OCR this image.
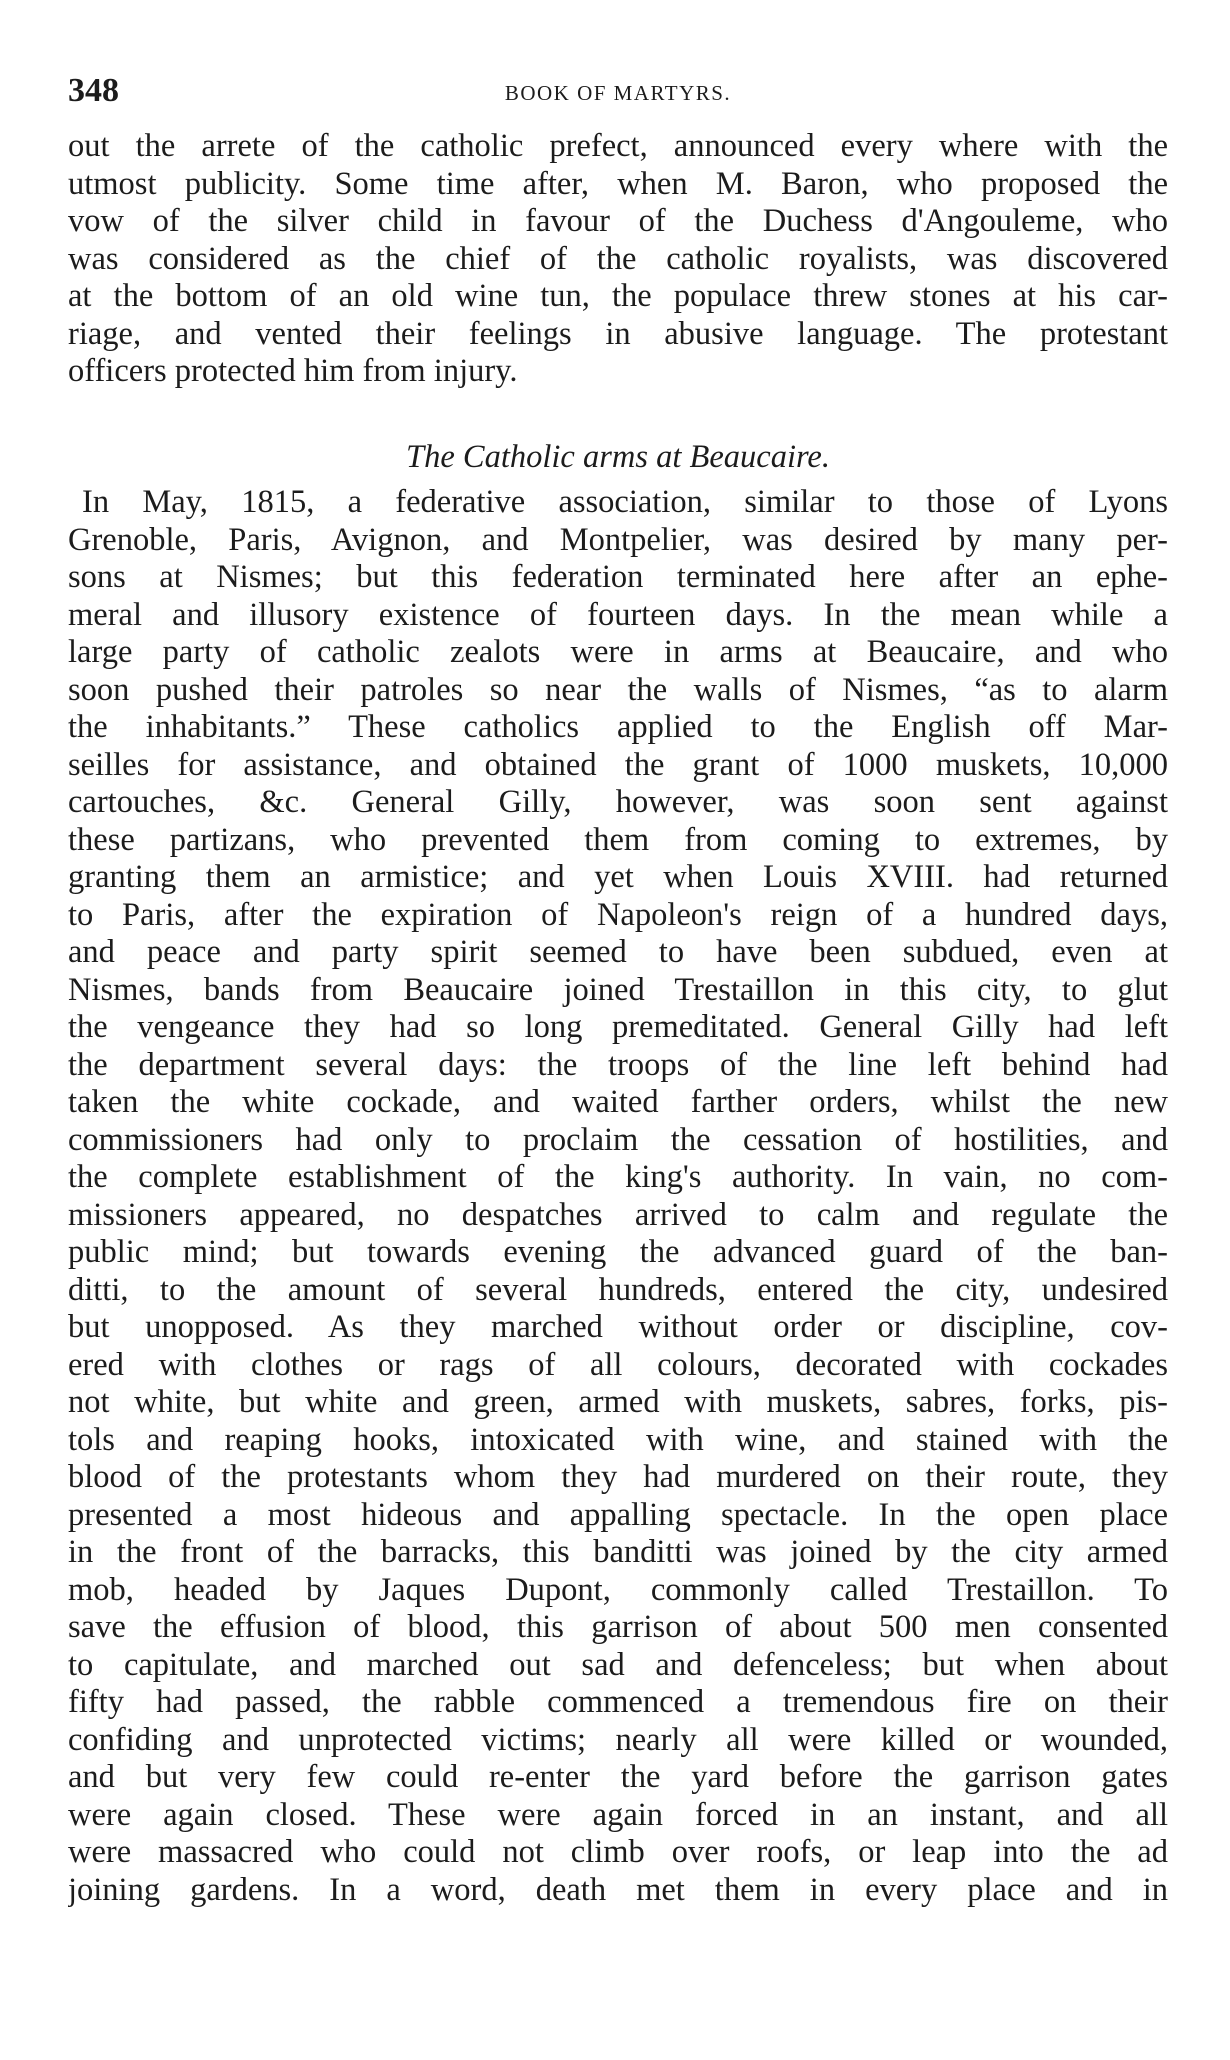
348	BOOK OF MARTYRS.
out the arrete of the catholic prefect, announced every where with the
utmost publicity. Some time after, when M. Baron, who proposed the
vow of the silver child in favour of the Duchess d'Angouleme, who
was considered as the chief of the catholic royalists, was discovered
at the bottom of an old wine tun, the populace threw stones at his car-
riage, and vented their feelings in abusive language. The protestant
officers protected him from injury.
The Catholic arms at Beaucaire.
In May, 1815, a federative association, similar to those of Lyons
Grenoble, Paris, Avignon, and Montpelier, was desired by many per-
sons at Nismes; but this federation terminated here after an ephe-
meral and illusory existence of fourteen days. In the mean while a
large party of catholic zealots were in arms at Beaucaire, and who
soon pushed their patroles so near the walls of Nismes, “as to alarm
the inhabitants.” These catholics applied to the English off Mar-
seilles for assistance, and obtained the grant of 1000 muskets, 10,000
cartouches, &c. General Gilly, however, was soon sent against
these partizans, who prevented them from coming to extremes, by
granting them an armistice; and yet when Louis XVIII. had returned
to Paris, after the expiration of Napoleon's reign of a hundred days,
and peace and party spirit seemed to have been subdued, even at
Nismes, bands from Beaucaire joined Trestaillon in this city, to glut
the vengeance they had so long premeditated. General Gilly had left
the department several days: the troops of the line left behind had
taken the white cockade, and waited farther orders, whilst the new
commissioners had only to proclaim the cessation of hostilities, and
the complete establishment of the king's authority. In vain, no com-
missioners appeared, no despatches arrived to calm and regulate the
public mind; but towards evening the advanced guard of the ban-
ditti, to the amount of several hundreds, entered the city, undesired
but unopposed. As they marched without order or discipline, cov-
ered with clothes or rags of all colours, decorated with cockades
not white, but white and green, armed with muskets, sabres, forks, pis-
tols and reaping hooks, intoxicated with wine, and stained with the
blood of the protestants whom they had murdered on their route, they
presented a most hideous and appalling spectacle. In the open place
in the front of the barracks, this banditti was joined by the city armed
mob, headed by Jaques Dupont, commonly called Trestaillon. To
save the effusion of blood, this garrison of about 500 men consented
to capitulate, and marched out sad and defenceless; but when about
fifty had passed, the rabble commenced a tremendous fire on their
confiding and unprotected victims; nearly all were killed or wounded,
and but very few could re-enter the yard before the garrison gates
were again closed. These were again forced in an instant, and all
were massacred who could not climb over roofs, or leap into the ad
joining gardens. In a word, death met them in every place and in
